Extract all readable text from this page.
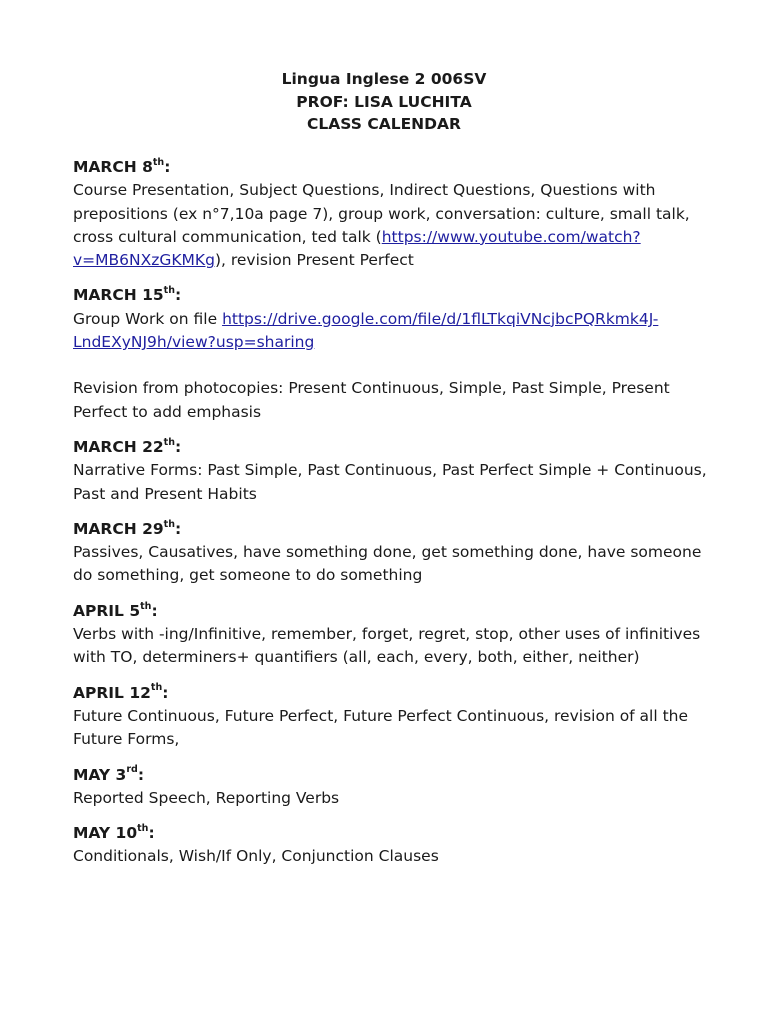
Lingua Inglese 2 006SV
PROF: LISA LUCHITA
CLASS CALENDAR

MARCH 8th:

Course Presentation, Subject Questions, Indirect Questions, Questions with prepositions (ex n°7,10a page 7), group work, conversation: culture, small talk, cross cultural communication, ted talk (https://www.youtube.com/watch?v=MB6NXzGKMKg), revision Present Perfect

MARCH 15th:

Group Work on file https://drive.google.com/file/d/1flLTkqiVNcjbcPQRkmk4J-LndEXyNJ9h/view?usp=sharing

Revision from photocopies: Present Continuous, Simple, Past Simple, Present Perfect to add emphasis

MARCH 22th:

Narrative Forms: Past Simple, Past Continuous, Past Perfect Simple + Continuous, Past and Present Habits

MARCH 29th:

Passives, Causatives, have something done, get something done, have someone do something, get someone to do something

APRIL 5th:

Verbs with -ing/Infinitive, remember, forget, regret, stop, other uses of infinitives with TO, determiners+ quantifiers (all, each, every, both, either, neither)

APRIL 12th:

Future Continuous, Future Perfect, Future Perfect Continuous, revision of all the Future Forms,

MAY 3rd:

Reported Speech, Reporting Verbs

MAY 10th:

Conditionals, Wish/If Only, Conjunction Clauses
